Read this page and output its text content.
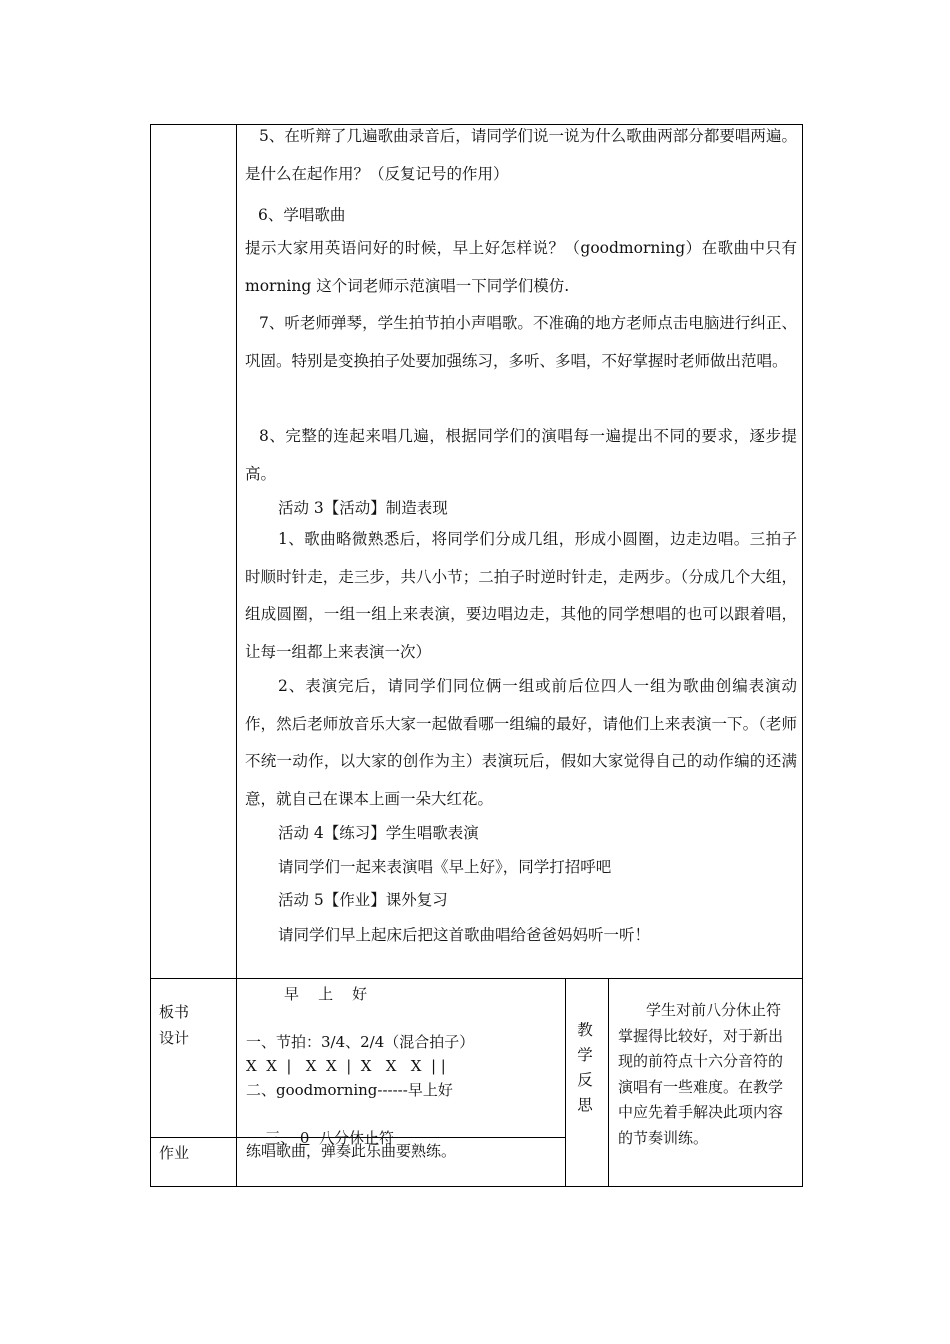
5、在听辩了几遍歌曲录音后，请同学们说一说为什么歌曲两部分都要唱两遍。是什么在起作用？（反复记号的作用）

6、学唱歌曲

提示大家用英语问好的时候，早上好怎样说？（goodmorning）在歌曲中只有 morning 这个词老师示范演唱一下同学们模仿.

7、听老师弹琴，学生拍节拍小声唱歌。不准确的地方老师点击电脑进行纠正、巩固。特别是变换拍子处要加强练习，多听、多唱，不好掌握时老师做出范唱。

8、完整的连起来唱几遍，根据同学们的演唱每一遍提出不同的要求，逐步提高。

活动 3【活动】制造表现

1、歌曲略微熟悉后，将同学们分成几组，形成小圆圈，边走边唱。三拍子时顺时针走，走三步，共八小节；二拍子时逆时针走，走两步。（分成几个大组，组成圆圈，一组一组上来表演，要边唱边走，其他的同学想唱的也可以跟着唱，让每一组都上来表演一次）

2、表演完后，请同学们同位俩一组或前后位四人一组为歌曲创编表演动作，然后老师放音乐大家一起做看哪一组编的最好，请他们上来表演一下。（老师不统一动作，以大家的创作为主）表演玩后，假如大家觉得自己的动作编的还满意，就自己在课本上画一朵大红花。

活动 4【练习】学生唱歌表演
请同学们一起来表演唱《早上好》，同学打招呼吧
活动 5【作业】课外复习
请同学们早上起床后把这首歌曲唱给爸爸妈妈听一听！
板书设计
早    上    好
一、节拍：3/4、2/4（混合拍子）
X  X  |   X  X  |  X   X   X  | |
二、goodmorning------早上好

三、 0  八分休止符

教学反思

学生对前八分休止符掌握得比较好，对于新出现的前符点十六分音符的演唱有一些难度。在教学中应先着手解决此项内容的节奏训练。

作业	练唱歌曲，弹奏此乐曲要熟练。
